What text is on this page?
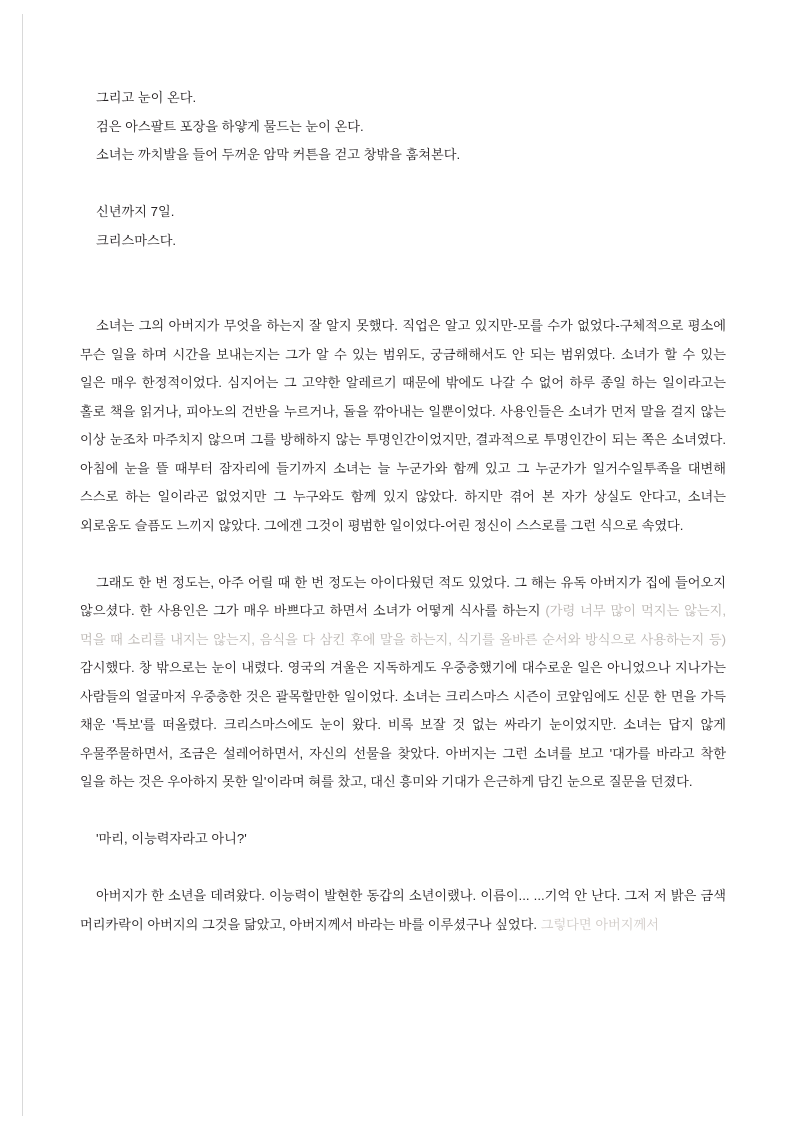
그리고 눈이 온다.

검은 아스팔트 포장을 하얗게 물드는 눈이 온다.

소녀는 까치발을 들어 두꺼운 암막 커튼을 걷고 창밖을 훔쳐본다.

신년까지 7일.

크리스마스다.

소녀는 그의 아버지가 무엇을 하는지 잘 알지 못했다. 직업은 알고 있지만-모를 수가 없었다-구체적으로 평소에 무슨 일을 하며 시간을 보내는지는 그가 알 수 있는 범위도, 궁금해해서도 안 되는 범위였다. 소녀가 할 수 있는 일은 매우 한정적이었다. 심지어는 그 고약한 알레르기 때문에 밖에도 나갈 수 없어 하루 종일 하는 일이라고는 홀로 책을 읽거나, 피아노의 건반을 누르거나, 돌을 깎아내는 일뿐이었다. 사용인들은 소녀가 먼저 말을 걸지 않는 이상 눈조차 마주치지 않으며 그를 방해하지 않는 투명인간이었지만, 결과적으로 투명인간이 되는 쪽은 소녀였다. 아침에 눈을 뜰 때부터 잠자리에 들기까지 소녀는 늘 누군가와 함께 있고 그 누군가가 일거수일투족을 대변해 스스로 하는 일이라곤 없었지만 그 누구와도 함께 있지 않았다. 하지만 겪어 본 자가 상실도 안다고, 소녀는 외로움도 슬픔도 느끼지 않았다. 그에겐 그것이 평범한 일이었다-어린 정신이 스스로를 그런 식으로 속였다.

그래도 한 번 정도는, 아주 어릴 때 한 번 정도는 아이다웠던 적도 있었다. 그 해는 유독 아버지가 집에 들어오지 않으셨다. 한 사용인은 그가 매우 바쁘다고 하면서 소녀가 어떻게 식사를 하는지 (가령 너무 많이 먹지는 않는지, 먹을 때 소리를 내지는 않는지, 음식을 다 삼킨 후에 말을 하는지, 식기를 올바른 순서와 방식으로 사용하는지 등) 감시했다. 창 밖으로는 눈이 내렸다. 영국의 겨울은 지독하게도 우중충했기에 대수로운 일은 아니었으나 지나가는 사람들의 얼굴마저 우중충한 것은 괄목할만한 일이었다. 소녀는 크리스마스 시즌이 코앞임에도 신문 한 면을 가득 채운 '특보'를 떠올렸다. 크리스마스에도 눈이 왔다. 비록 보잘 것 없는 싸라기 눈이었지만. 소녀는 답지 않게 우물쭈물하면서, 조금은 설레어하면서, 자신의 선물을 찾았다. 아버지는 그런 소녀를 보고 '대가를 바라고 착한 일을 하는 것은 우아하지 못한 일'이라며 혀를 찼고, 대신 흥미와 기대가 은근하게 담긴 눈으로 질문을 던졌다.

'마리, 이능력자라고 아니?'

아버지가 한 소년을 데려왔다. 이능력이 발현한 동갑의 소년이랬나. 이름이... ...기억 안 난다. 그저 저 밝은 금색 머리카락이 아버지의 그것을 닮았고, 아버지께서 바라는 바를 이루셨구나 싶었다. 그렇다면 아버지께서
